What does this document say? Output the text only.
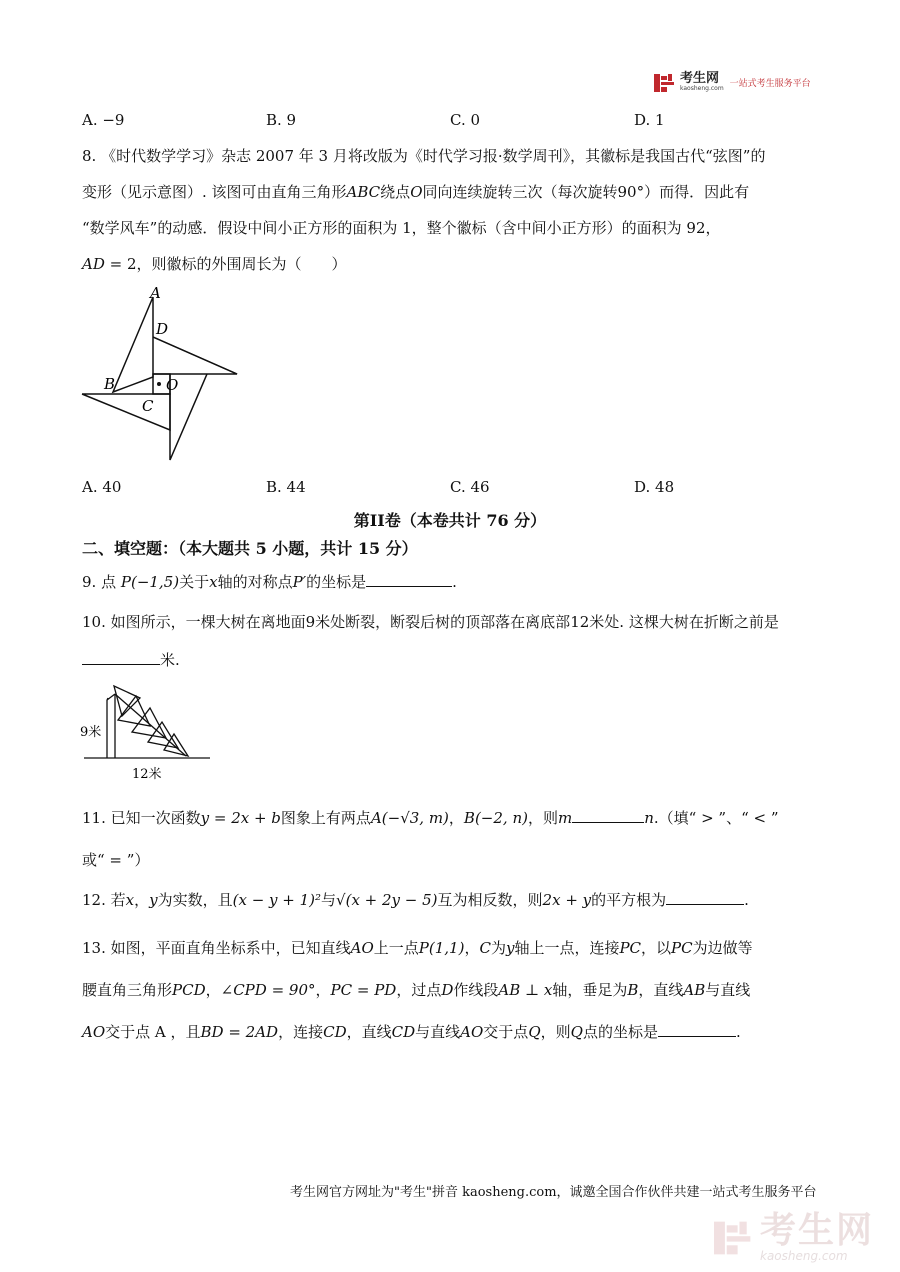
考生网
kaosheng.com 一站式考生服务平台
A. −9	B. 9	C. 0	D. 1
8. 《时代数学学习》杂志 2007 年 3 月将改版为《时代学习报·数学周刊》，其徽标是我国古代“弦图”的
变形（见示意图）. 该图可由直角三角形ABC绕点O同向连续旋转三次（每次旋转90°）而得．因此有
“数学风车”的动感．假设中间小正方形的面积为 1，整个徽标（含中间小正方形）的面积为 92，
AD = 2，则徽标的外围周长为（　　）
A
D
B	O
C
A. 40	B. 44	C. 46	D. 48
第II卷（本卷共计 76 分）
二、填空题：（本大题共 5 小题，共计 15 分）
9. 点 P(−1,5)关于x轴的对称点P′的坐标是	.
10. 如图所示，一棵大树在离地面9米处断裂，断裂后树的顶部落在离底部12米处. 这棵大树在折断之前是
米.
9米
12米
11. 已知一次函数y = 2x + b图象上有两点A(−√3, m)，B(−2, n)，则m	n.（填“ > ”、“ < ”
或“ = ”）
12. 若x，y为实数，且(x − y + 1)²与√(x + 2y − 5)互为相反数，则2x + y的平方根为	.
13. 如图，平面直角坐标系中，已知直线AO上一点P(1,1)，C为y轴上一点，连接PC，以PC为边做等
腰直角三角形PCD，∠CPD = 90°，PC = PD，过点D作线段AB ⊥ x轴，垂足为B，直线AB与直线
AO交于点 A ，且BD = 2AD，连接CD，直线CD与直线AO交于点Q，则Q点的坐标是	.
考生网官方网址为"考生"拼音 kaosheng.com，诚邀全国合作伙伴共建一站式考生服务平台
考生网
kaosheng.com
